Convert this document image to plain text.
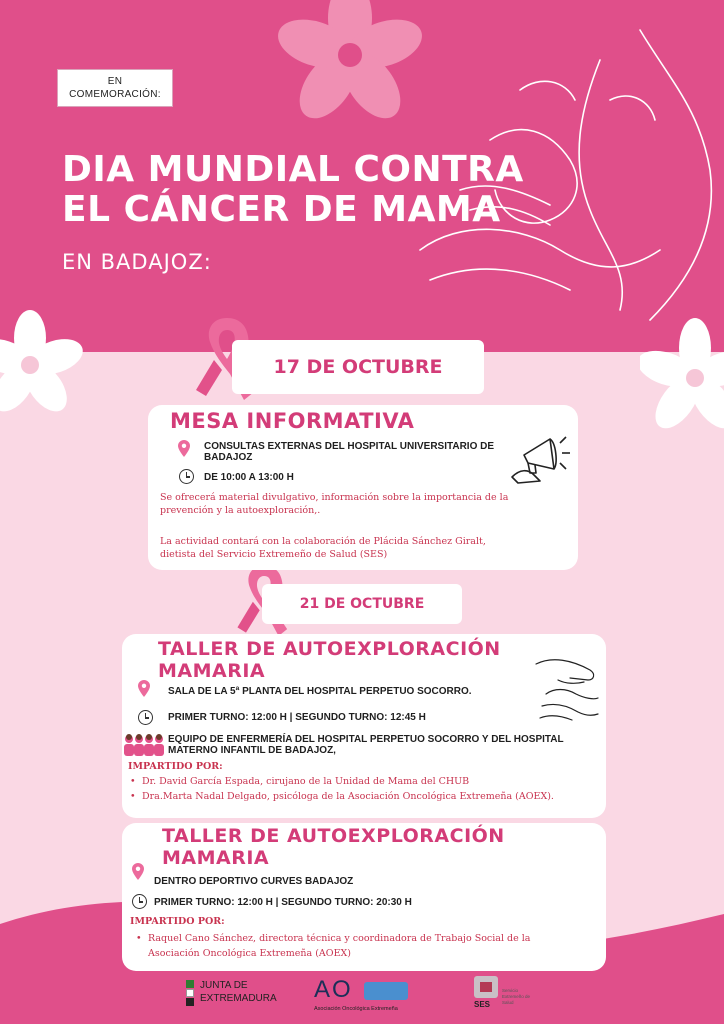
EN
COMEMORACIÓN:
DIA MUNDIAL CONTRA
EL CÁNCER DE MAMA
EN BADAJOZ:
17 DE OCTUBRE
21 DE OCTUBRE
MESA INFORMATIVA
CONSULTAS EXTERNAS DEL HOSPITAL UNIVERSITARIO DE
BADAJOZ
DE 10:00 A 13:00 H
Se ofrecerá material divulgativo, información sobre la importancia de la
prevención y la autoexploración,.
La actividad contará con la colaboración de Plácida Sánchez Giralt,
dietista del Servicio Extremeño de Salud (SES)
TALLER DE AUTOEXPLORACIÓN
MAMARIA
SALA DE LA 5ª PLANTA DEL HOSPITAL PERPETUO SOCORRO.
PRIMER TURNO: 12:00 H | SEGUNDO TURNO: 12:45 H
EQUIPO DE ENFERMERÍA DEL HOSPITAL PERPETUO SOCORRO Y DEL HOSPITAL
MATERNO INFANTIL DE BADAJOZ,
IMPARTIDO POR:
• Dr. David García Espada, cirujano de la Unidad de Mama del CHUB
• Dra.Marta Nadal Delgado, psicóloga de la Asociación Oncológica Extremeña (AOEX).
TALLER DE AUTOEXPLORACIÓN
MAMARIA
DENTRO DEPORTIVO CURVES BADAJOZ
PRIMER TURNO: 12:00 H | SEGUNDO TURNO: 20:30 H
IMPARTIDO POR:
• Raquel Cano Sánchez, directora técnica y coordinadora de Trabajo Social de la
Asociación Oncológica Extremeña (AOEX)
JUNTA DE
EXTREMADURA AO
Asociación Oncológica Extremeña	SES
Servicio Extremeño de Salud
